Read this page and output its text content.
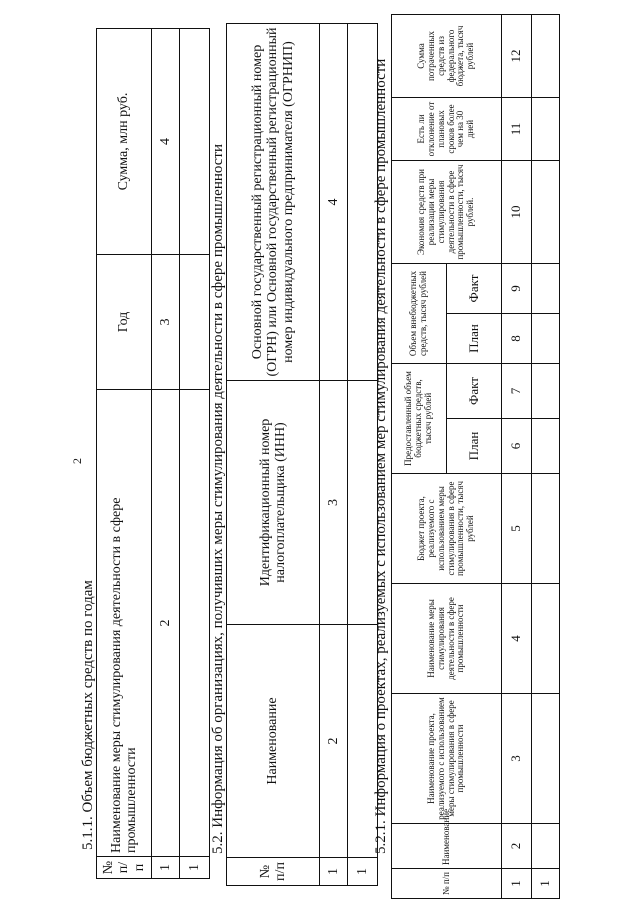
2
5.1.1. Объем бюджетных средств по годам
№ п/п	Наименование меры стимулирования деятельности в сфере промышленности	Год	Сумма, млн руб.
1	2	3	4
1			
5.2. Информация об организациях, получивших меры стимулирования деятельности в сфере промышленности
№ п/п	Наименование	Идентификационный номер налогоплательщика (ИНН)	Основной государственный регистрационный номер (ОГРН) или Основной государственный регистрационный номер индивидуального предпринимателя (ОГРНИП)
1	2	3	4
1			
5.2.1. Информация о проектах, реализуемых с использованием мер стимулирования деятельности в сфере промышленности
№ п/п	Наименование	Наименование проекта, реализуемого с использованием меры стимулирования в сфере промышленности	Наименование меры стимулирования деятельности в сфере промышленности	Бюджет проекта, реализуемого с использованием меры стимулирования в сфере промышленности, тысяч рублей	Предоставленный объем бюджетных средств, тысяч рублей		Объем внебюджетных средств, тысяч рублей		Экономия средств при реализации меры стимулирования деятельности в сфере промышленности, тысяч рублей.	Есть ли отклонение от плановых сроков более чем на 30 дней	Сумма потраченных средств из федерального бюджета, тысяч рублей
					План	Факт	План	Факт			
1	2	3	4	5	6	7	8	9	10	11	12
1											
